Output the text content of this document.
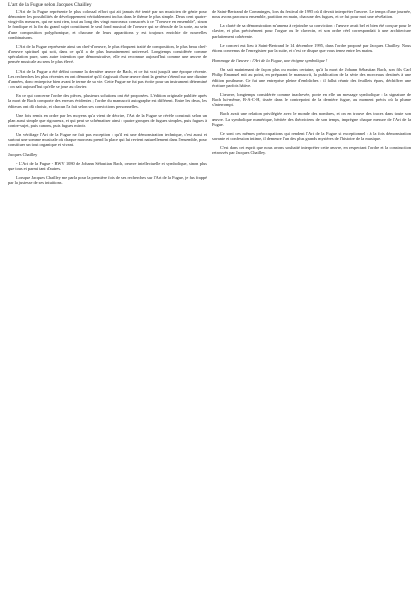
L'art de la Fugue selon Jacques Chailley

L'Art de la Fugue représente le plus colossal effort qui ait jamais été tenté par un musicien de génie pour démontrer les possibilités de développement véritablement inclus dans le thème le plus simple. Deux cent quatre-vingt-dix mesures, qui ne sont rien, tout au long des vingt morceaux consacrés à ce "l'oeuvre en ensemble", sinon le fondique et la fin du grand sujet constituent le seul fond musical de l'oeuvre qui se déroule de la sorte, au sein d'une composition polyphonique, et chacune de leurs apparitions y est toujours enrichie de nouvelles combinaisons.

L'Art de la Fugue représente ainsi un chef-d'oeuvre, le plus éloquent traité de composition, le plus beau chef-d'oeuvre spirituel qui soit, dans ce qu'il a de plus humainement universel. Longtemps considérée comme spéculation pure, sans autre intention que démonstrative, elle est reconnue aujourd'hui comme une œuvre de pensée musicale au sens le plus élevé.

L'Art de la Fugue a été défini comme la dernière œuvre de Bach, et ce fut vrai jusqu'à une époque récente. Les recherches les plus récentes en ont démontré qu'il s'agissait d'une œuvre dont la genèse s'étend sur une dizaine d'années, donc entreprise bien avant le terme de sa vie. Cette Fugue ne fut pas écrite pour un instrument déterminé : on sait aujourd'hui qu'elle se joue au clavier.

En ce qui concerne l'ordre des pièces, plusieurs solutions ont été proposées. L'édition originale publiée après la mort de Bach comporte des erreurs évidentes ; l'ordre du manuscrit autographe est différent. Entre les deux, les éditeurs ont dû choisir, et chacun l'a fait selon ses convictions personnelles.

Une fois remis en ordre par les moyens qu'a vient de décrire, l'Art de la Fugue se révèle construit selon un plan aussi simple que rigoureux, et qui peut se schématiser ainsi : quatre groupes de fugues simples, puis fugues à contre-sujet, puis canons, puis fugues miroir.

Un vérifiage l'Art de la Fugue ne fait pas exception : qu'il est une démonstration technique, c'est aussi et surtout une somme musicale où chaque morceau prend la place qui lui revient naturellement dans l'ensemble, pour constituer un tout organique et vivant.

Jacques Chailley

- L'Art de la Fugue - BWV 1080 de Johann Sébastian Bach, oeuvre intellectuelle et symbolique, sinon plus que tous et parmi tant d'autres.

Lorsque Jacques Chailley me parla pour la première fois de ses recherches sur l'Art de la Fugue, je fus frappé par la justesse de ses intuitions.

de Saint-Bertrand de Comminges, lors du festival de 1995 où il devait interpréter l'œuvre. Le temps d'une journée, nous avons parcouru ensemble, partition en main, chacune des fugues, et ce fut pour moi une révélation.

La clarté de sa démonstration m'amena à rejoindre sa conviction : l'œuvre avait bel et bien été conçue pour le clavier, et plus précisément pour l'orgue ou le clavecin, et son ordre réel correspondait à une architecture parfaitement cohérente.

Le concert eut lieu à Saint-Bertrand le 14 décembre 1995, dans l'ordre proposé par Jacques Chailley. Nous étions convenus de l'enregistrer par la suite, et c'est ce disque que vous tenez entre les mains.

Hommage de l'œuvre : l'Art de la Fugue, une énigme symbolique !

On sait maintenant de façon plus ou moins certaine, qu'à la mort de Johann Sébastian Bach, son fils Carl Philip Emanuel mit au point, en préparant le manuscrit, la publication de la série des morceaux destinés à une édition posthume. Ce fut une entreprise pleine d'embûches : il fallut réunir des feuillets épars, déchiffrer une écriture parfois hâtive.

L'œuvre, longtemps considérée comme inachevée, porte en elle un message symbolique : la signature de Bach lui-même, B-A-C-H, tissée dans le contrepoint de la dernière fugue, au moment précis où la plume s'interrompt.

Bach avait une relation privilégiée avec le monde des nombres, et on en trouve des traces dans toute son œuvre. La symbolique numérique, héritée des théoriciens de son temps, imprègne chaque mesure de l'Art de la Fugue.

Ce sont ces mêmes préoccupations qui rendent l'Art de la Fugue si exceptionnel : à la fois démonstration savante et confession intime, il demeure l'un des plus grands mystères de l'histoire de la musique.

C'est dans cet esprit que nous avons souhaité interpréter cette œuvre, en respectant l'ordre et la construction retrouvés par Jacques Chailley.
